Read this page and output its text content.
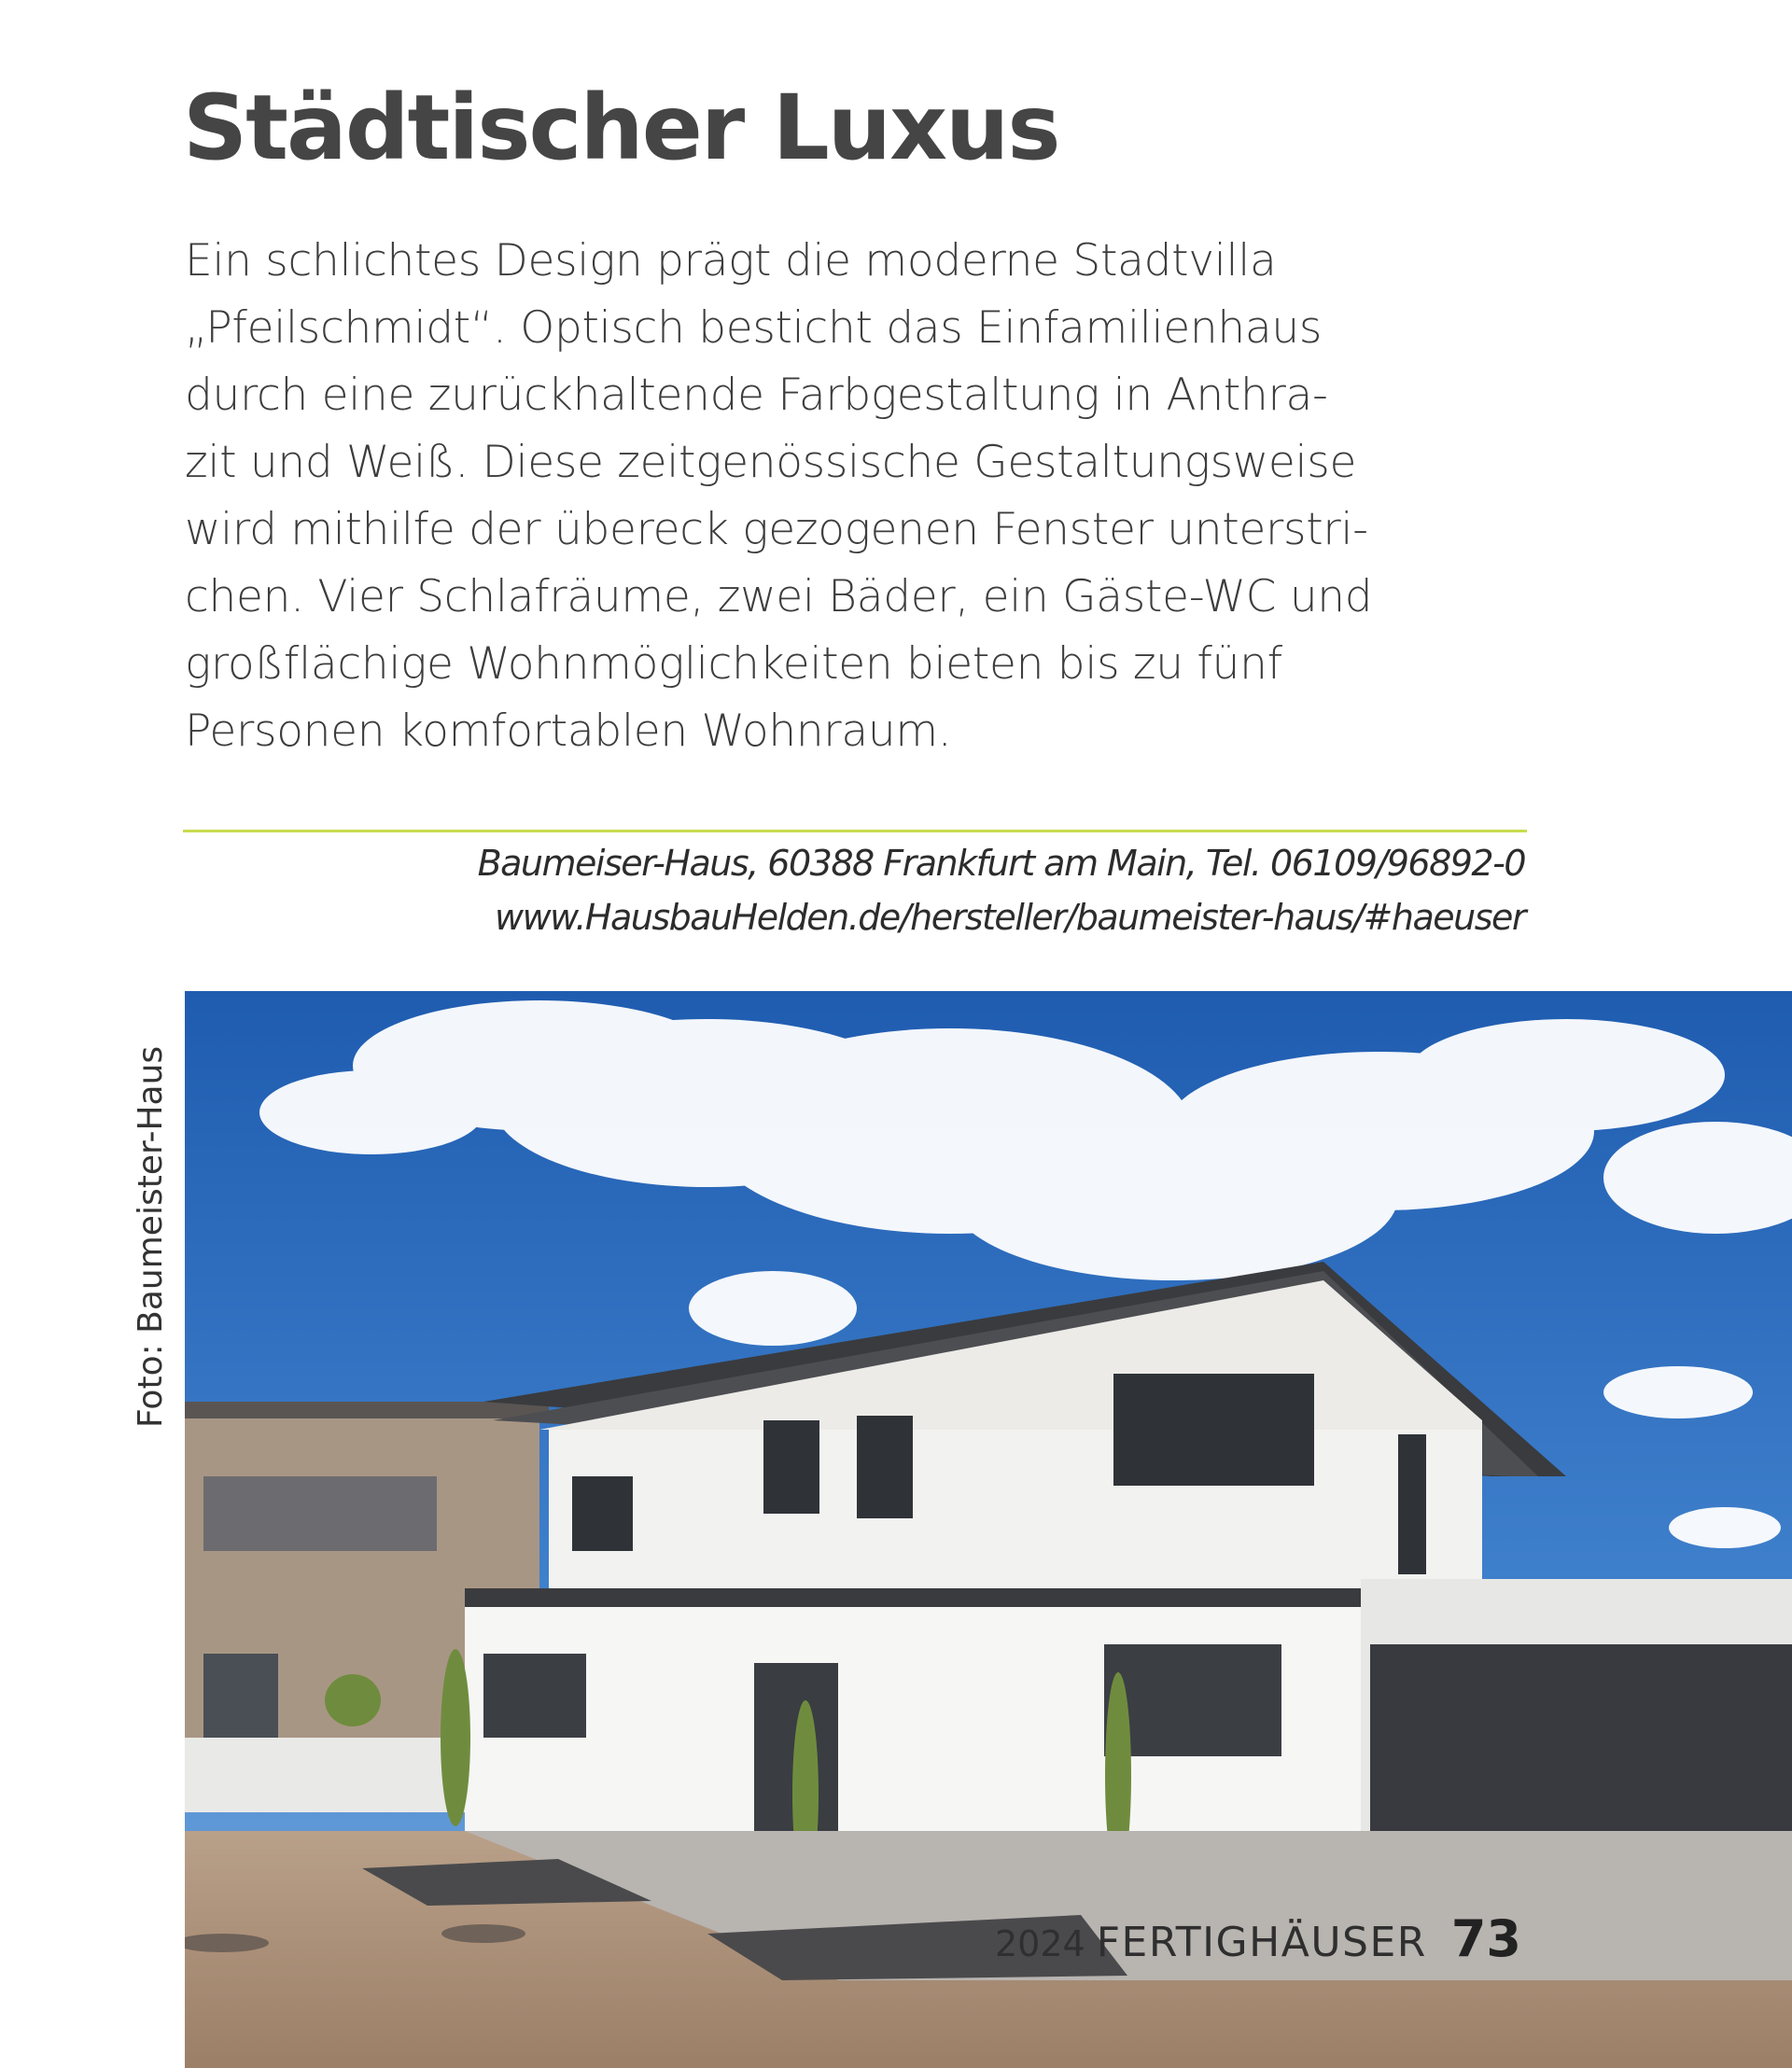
Städtischer Luxus
Ein schlichtes Design prägt die moderne Stadtvilla
„Pfeilschmidt“. Optisch besticht das Einfamilienhaus
durch eine zurückhaltende Farbgestaltung in Anthra-
zit und Weiß. Diese zeitgenössische Gestaltungsweise
wird mithilfe der übereck gezogenen Fenster unterstri-
chen. Vier Schlafräume, zwei Bäder, ein Gäste-WC und
großflächige Wohnmöglichkeiten bieten bis zu fünf
Personen komfortablen Wohnraum.
Baumeiser-Haus, 60388 Frankfurt am Main, Tel. 06109/96892-0
www.HausbauHelden.de/hersteller/baumeister-haus/#haeuser
Foto: Baumeister-Haus
2024 FERTIGHÄUSER 73
